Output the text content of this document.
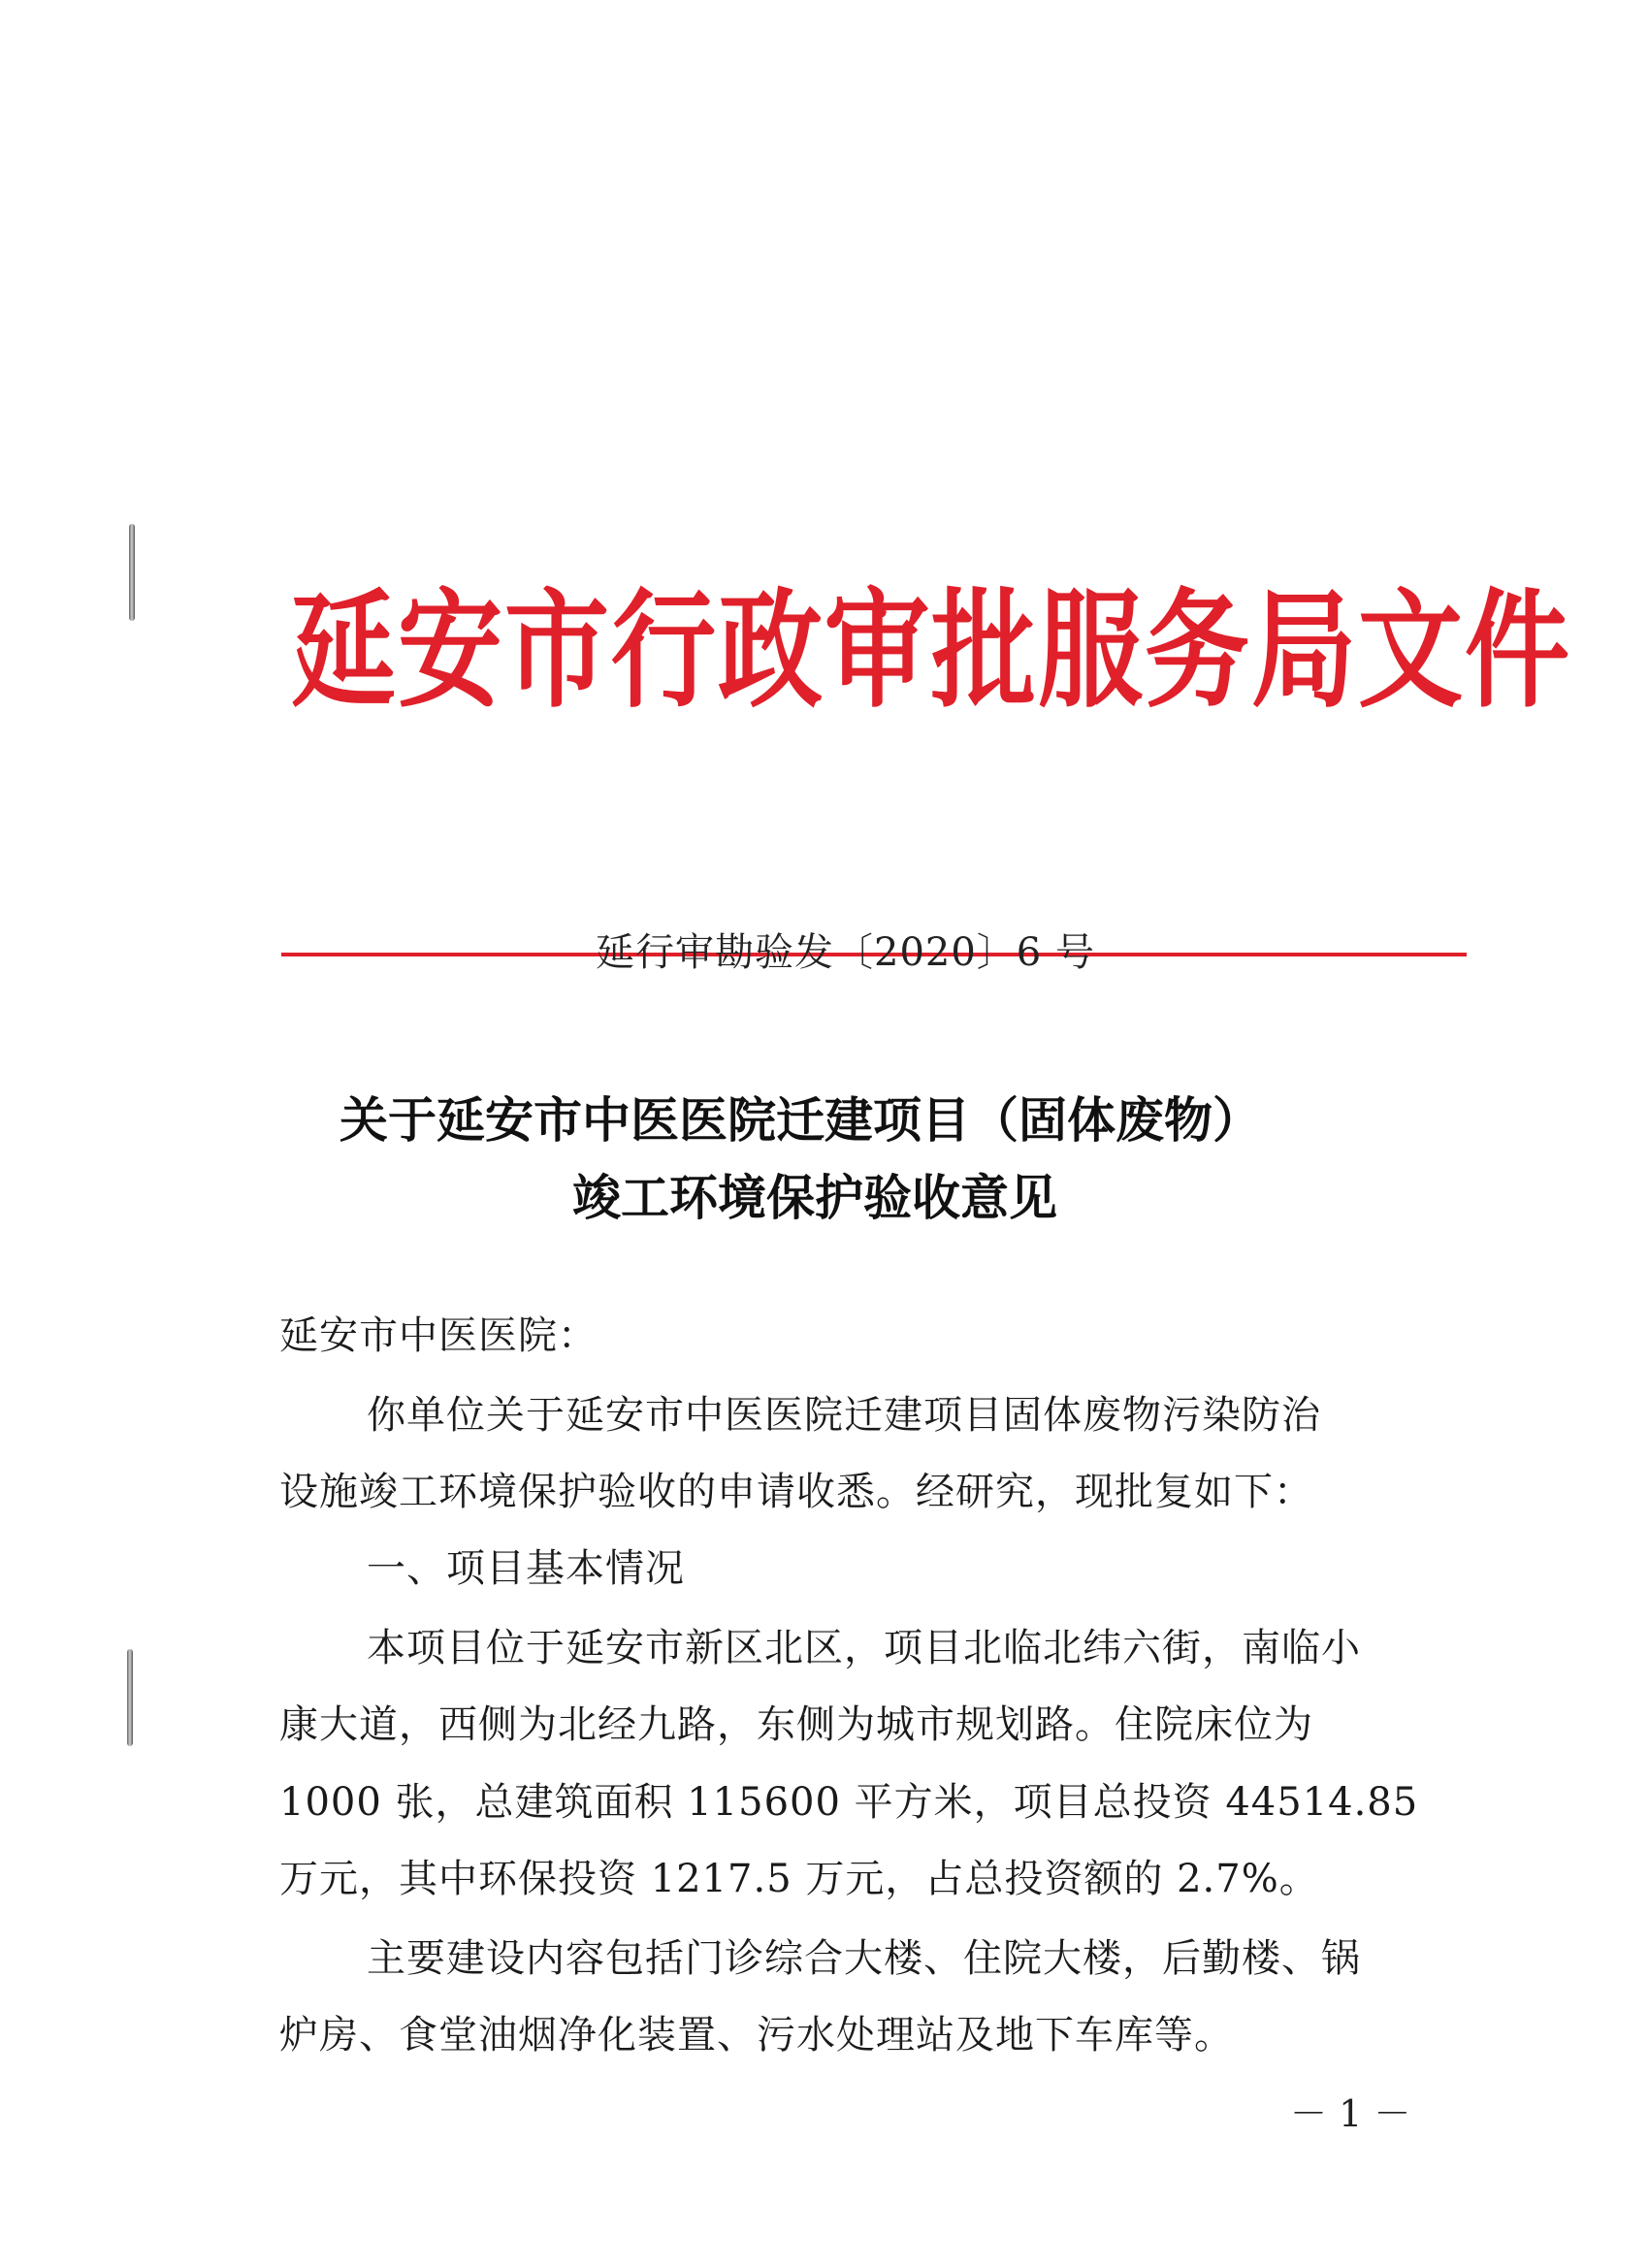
延安市行政审批服务局文件
延行审勘验发〔2020〕6 号
关于延安市中医医院迁建项目（固体废物）
竣工环境保护验收意见
延安市中医医院：
你单位关于延安市中医医院迁建项目固体废物污染防治
设施竣工环境保护验收的申请收悉。经研究，现批复如下：
一、项目基本情况
本项目位于延安市新区北区，项目北临北纬六街，南临小
康大道，西侧为北经九路，东侧为城市规划路。住院床位为
1000 张，总建筑面积 115600 平方米，项目总投资 44514.85
万元，其中环保投资 1217.5 万元，占总投资额的 2.7%。
主要建设内容包括门诊综合大楼、住院大楼，后勤楼、锅
炉房、食堂油烟净化装置、污水处理站及地下车库等。
－ 1 －
